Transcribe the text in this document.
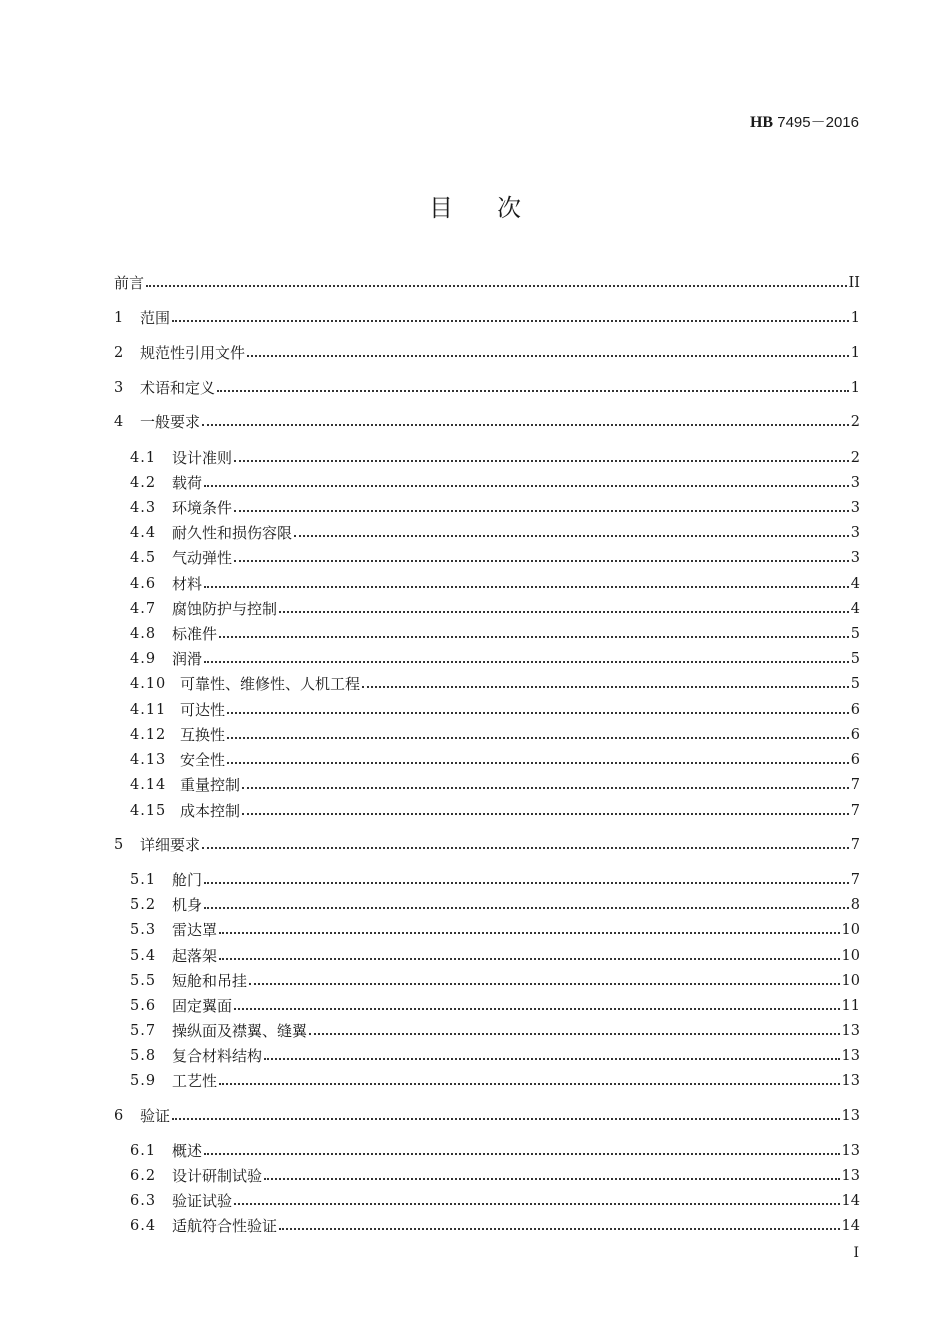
HB 7495－2016
目次
前言	II
1	范围	1
2	规范性引用文件	1
3	术语和定义	1
4	一般要求	2
4.1	设计准则	2
4.2	载荷	3
4.3	环境条件	3
4.4	耐久性和损伤容限	3
4.5	气动弹性	3
4.6	材料	4
4.7	腐蚀防护与控制	4
4.8	标准件	5
4.9	润滑	5
4.10 可靠性、维修性、人机工程	5
4.11 可达性	6
4.12 互换性	6
4.13 安全性	6
4.14 重量控制	7
4.15 成本控制	7
5	详细要求	7
5.1	舱门	7
5.2	机身	8
5.3	雷达罩	10
5.4	起落架	10
5.5	短舱和吊挂	10
5.6	固定翼面	11
5.7	操纵面及襟翼、缝翼	13
5.8	复合材料结构	13
5.9	工艺性	13
6	验证	13
6.1	概述	13
6.2	设计研制试验	13
6.3	验证试验	14
6.4	适航符合性验证	14
I
